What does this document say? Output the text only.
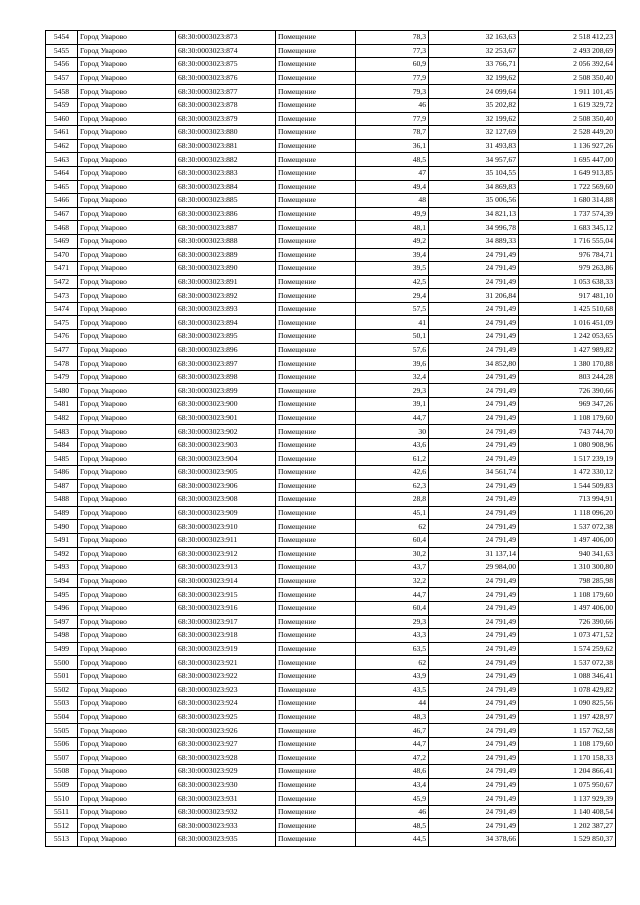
5454	Город Уварово	68:30:0003023:873	Помещение	78,3	32 163,63	2 518 412,23
5455	Город Уварово	68:30:0003023:874	Помещение	77,3	32 253,67	2 493 208,69
5456	Город Уварово	68:30:0003023:875	Помещение	60,9	33 766,71	2 056 392,64
5457	Город Уварово	68:30:0003023:876	Помещение	77,9	32 199,62	2 508 350,40
5458	Город Уварово	68:30:0003023:877	Помещение	79,3	24 099,64	1 911 101,45
5459	Город Уварово	68:30:0003023:878	Помещение	46	35 202,82	1 619 329,72
5460	Город Уварово	68:30:0003023:879	Помещение	77,9	32 199,62	2 508 350,40
5461	Город Уварово	68:30:0003023:880	Помещение	78,7	32 127,69	2 528 449,20
5462	Город Уварово	68:30:0003023:881	Помещение	36,1	31 493,83	1 136 927,26
5463	Город Уварово	68:30:0003023:882	Помещение	48,5	34 957,67	1 695 447,00
5464	Город Уварово	68:30:0003023:883	Помещение	47	35 104,55	1 649 913,85
5465	Город Уварово	68:30:0003023:884	Помещение	49,4	34 869,83	1 722 569,60
5466	Город Уварово	68:30:0003023:885	Помещение	48	35 006,56	1 680 314,88
5467	Город Уварово	68:30:0003023:886	Помещение	49,9	34 821,13	1 737 574,39
5468	Город Уварово	68:30:0003023:887	Помещение	48,1	34 996,78	1 683 345,12
5469	Город Уварово	68:30:0003023:888	Помещение	49,2	34 889,33	1 716 555,04
5470	Город Уварово	68:30:0003023:889	Помещение	39,4	24 791,49	976 784,71
5471	Город Уварово	68:30:0003023:890	Помещение	39,5	24 791,49	979 263,86
5472	Город Уварово	68:30:0003023:891	Помещение	42,5	24 791,49	1 053 638,33
5473	Город Уварово	68:30:0003023:892	Помещение	29,4	31 206,84	917 481,10
5474	Город Уварово	68:30:0003023:893	Помещение	57,5	24 791,49	1 425 510,68
5475	Город Уварово	68:30:0003023:894	Помещение	41	24 791,49	1 016 451,09
5476	Город Уварово	68:30:0003023:895	Помещение	50,1	24 791,49	1 242 053,65
5477	Город Уварово	68:30:0003023:896	Помещение	57,6	24 791,49	1 427 989,82
5478	Город Уварово	68:30:0003023:897	Помещение	39,6	34 852,80	1 380 170,88
5479	Город Уварово	68:30:0003023:898	Помещение	32,4	24 791,49	803 244,28
5480	Город Уварово	68:30:0003023:899	Помещение	29,3	24 791,49	726 390,66
5481	Город Уварово	68:30:0003023:900	Помещение	39,1	24 791,49	969 347,26
5482	Город Уварово	68:30:0003023:901	Помещение	44,7	24 791,49	1 108 179,60
5483	Город Уварово	68:30:0003023:902	Помещение	30	24 791,49	743 744,70
5484	Город Уварово	68:30:0003023:903	Помещение	43,6	24 791,49	1 080 908,96
5485	Город Уварово	68:30:0003023:904	Помещение	61,2	24 791,49	1 517 239,19
5486	Город Уварово	68:30:0003023:905	Помещение	42,6	34 561,74	1 472 330,12
5487	Город Уварово	68:30:0003023:906	Помещение	62,3	24 791,49	1 544 509,83
5488	Город Уварово	68:30:0003023:908	Помещение	28,8	24 791,49	713 994,91
5489	Город Уварово	68:30:0003023:909	Помещение	45,1	24 791,49	1 118 096,20
5490	Город Уварово	68:30:0003023:910	Помещение	62	24 791,49	1 537 072,38
5491	Город Уварово	68:30:0003023:911	Помещение	60,4	24 791,49	1 497 406,00
5492	Город Уварово	68:30:0003023:912	Помещение	30,2	31 137,14	940 341,63
5493	Город Уварово	68:30:0003023:913	Помещение	43,7	29 984,00	1 310 300,80
5494	Город Уварово	68:30:0003023:914	Помещение	32,2	24 791,49	798 285,98
5495	Город Уварово	68:30:0003023:915	Помещение	44,7	24 791,49	1 108 179,60
5496	Город Уварово	68:30:0003023:916	Помещение	60,4	24 791,49	1 497 406,00
5497	Город Уварово	68:30:0003023:917	Помещение	29,3	24 791,49	726 390,66
5498	Город Уварово	68:30:0003023:918	Помещение	43,3	24 791,49	1 073 471,52
5499	Город Уварово	68:30:0003023:919	Помещение	63,5	24 791,49	1 574 259,62
5500	Город Уварово	68:30:0003023:921	Помещение	62	24 791,49	1 537 072,38
5501	Город Уварово	68:30:0003023:922	Помещение	43,9	24 791,49	1 088 346,41
5502	Город Уварово	68:30:0003023:923	Помещение	43,5	24 791,49	1 078 429,82
5503	Город Уварово	68:30:0003023:924	Помещение	44	24 791,49	1 090 825,56
5504	Город Уварово	68:30:0003023:925	Помещение	48,3	24 791,49	1 197 428,97
5505	Город Уварово	68:30:0003023:926	Помещение	46,7	24 791,49	1 157 762,58
5506	Город Уварово	68:30:0003023:927	Помещение	44,7	24 791,49	1 108 179,60
5507	Город Уварово	68:30:0003023:928	Помещение	47,2	24 791,49	1 170 158,33
5508	Город Уварово	68:30:0003023:929	Помещение	48,6	24 791,49	1 204 866,41
5509	Город Уварово	68:30:0003023:930	Помещение	43,4	24 791,49	1 075 950,67
5510	Город Уварово	68:30:0003023:931	Помещение	45,9	24 791,49	1 137 929,39
5511	Город Уварово	68:30:0003023:932	Помещение	46	24 791,49	1 140 408,54
5512	Город Уварово	68:30:0003023:933	Помещение	48,5	24 791,49	1 202 387,27
5513	Город Уварово	68:30:0003023:935	Помещение	44,5	34 378,66	1 529 850,37
